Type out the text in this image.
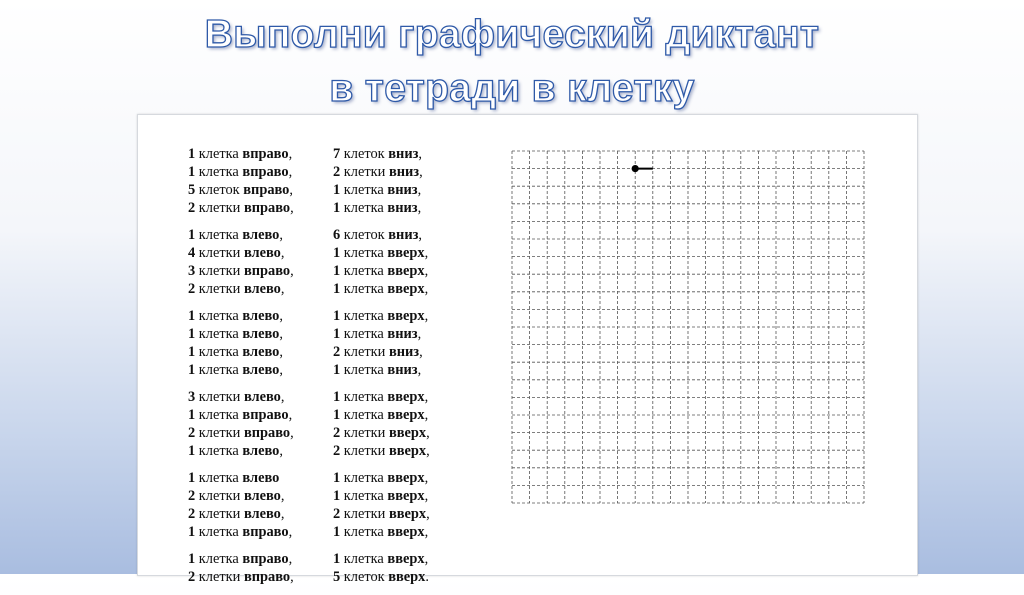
Выполни графический диктант
в тетради в клетку
1 клетка вправо,	7 клеток вниз,
1 клетка вправо,	2 клетки вниз,
5 клеток вправо,	1 клетка вниз,
2 клетки вправо,	1 клетка вниз,
1 клетка влево,	6 клеток вниз,
4 клетки влево,	1 клетка вверх,
3 клетки вправо,	1 клетка вверх,
2 клетки влево,	1 клетка вверх,
1 клетка влево,	1 клетка вверх,
1 клетка влево,	1 клетка вниз,
1 клетка влево,	2 клетки вниз,
1 клетка влево,	1 клетка вниз,
3 клетки влево,	1 клетка вверх,
1 клетка вправо,	1 клетка вверх,
2 клетки вправо,	2 клетки вверх,
1 клетка влево,	2 клетки вверх,
1 клетка влево	1 клетка вверх,
2 клетки влево,	1 клетка вверх,
2 клетки влево,	2 клетки вверх,
1 клетка вправо,	1 клетка вверх,
1 клетка вправо,	1 клетка вверх,
2 клетки вправо,	5 клеток вверх.
